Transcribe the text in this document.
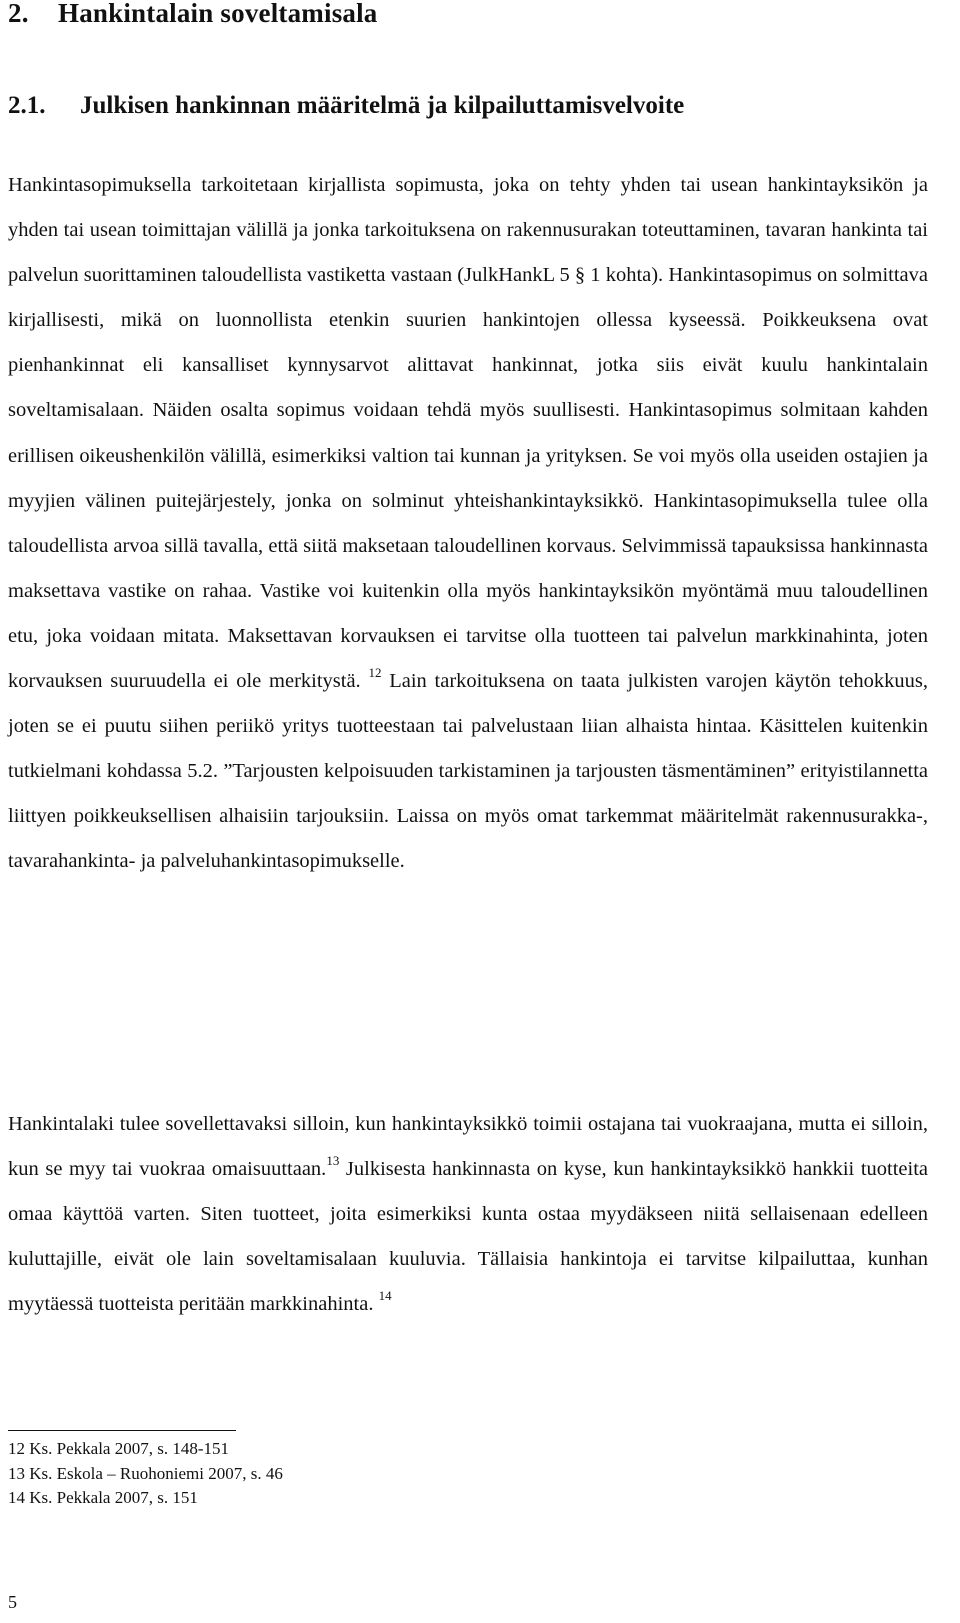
2. Hankintalain soveltamisala
2.1. Julkisen hankinnan määritelmä ja kilpailuttamisvelvoite

Hankintasopimuksella tarkoitetaan kirjallista sopimusta, joka on tehty yhden tai usean hankintayksikön ja yhden tai usean toimittajan välillä ja jonka tarkoituksena on rakennusurakan toteuttaminen, tavaran hankinta tai palvelun suorittaminen taloudellista vastiketta vastaan (JulkHankL 5 § 1 kohta). Hankintasopimus on solmittava kirjallisesti, mikä on luonnollista etenkin suurien hankintojen ollessa kyseessä. Poikkeuksena ovat pienhankinnat eli kansalliset kynnysarvot alittavat hankinnat, jotka siis eivät kuulu hankintalain soveltamisalaan. Näiden osalta sopimus voidaan tehdä myös suullisesti. Hankintasopimus solmitaan kahden erillisen oikeushenkilön välillä, esimerkiksi valtion tai kunnan ja yrityksen. Se voi myös olla useiden ostajien ja myyjien välinen puitejärjestely, jonka on solminut yhteishankintayksikkö. Hankintasopimuksella tulee olla taloudellista arvoa sillä tavalla, että siitä maksetaan taloudellinen korvaus. Selvimmissä tapauksissa hankinnasta maksettava vastike on rahaa. Vastike voi kuitenkin olla myös hankintayksikön myöntämä muu taloudellinen etu, joka voidaan mitata. Maksettavan korvauksen ei tarvitse olla tuotteen tai palvelun markkinahinta, joten korvauksen suuruudella ei ole merkitystä. $^{12}$ Lain tarkoituksena on taata julkisten varojen käytön tehokkuus, joten se ei puutu siihen periikö yritys tuotteestaan tai palvelustaan liian alhaista hintaa. Käsittelen kuitenkin tutkielmani kohdassa 5.2. ”Tarjousten kelpoisuuden tarkistaminen ja tarjousten täsmentäminen” erityistilannetta liittyen poikkeuksellisen alhaisiin tarjouksiin. Laissa on myös omat tarkemmat määritelmät rakennusurakka-, tavarahankinta- ja palveluhankintasopimukselle.

Hankintalaki tulee sovellettavaksi silloin, kun hankintayksikkö toimii ostajana tai vuokraajana, mutta ei silloin, kun se myy tai vuokraa omaisuuttaan.$^{13}$ Julkisesta hankinnasta on kyse, kun hankintayksikkö hankkii tuotteita omaa käyttöä varten. Siten tuotteet, joita esimerkiksi kunta ostaa myydäkseen niitä sellaisenaan edelleen kuluttajille, eivät ole lain soveltamisalaan kuuluvia. Tällaisia hankintoja ei tarvitse kilpailuttaa, kunhan myytäessä tuotteista peritään markkinahinta. $^{14}$

12 Ks. Pekkala 2007, s. 148-151
13 Ks. Eskola – Ruohoniemi 2007, s. 46
14 Ks. Pekkala 2007, s. 151
5
